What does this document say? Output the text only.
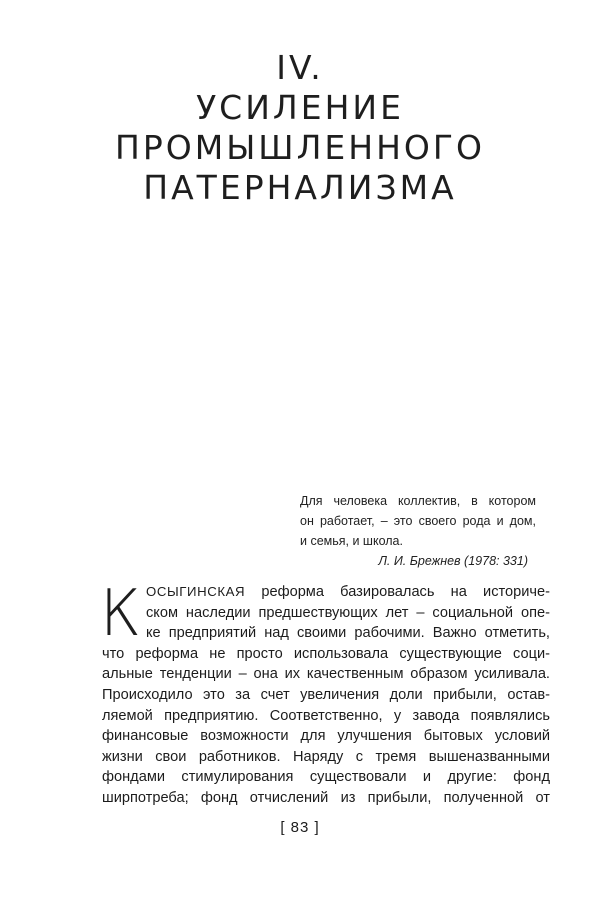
IV.
УСИЛЕНИЕ
ПРОМЫШЛЕННОГО
ПАТЕРНАЛИЗМА
Для человека коллектив, в котором
он работает, – это своего рода и дом,
и семья, и школа.
Л. И. Брежнев (1978: 331)
К ОСЫГИНСКАЯ реформа базировалась на историче-
ском наследии предшествующих лет – социальной опе-
ке предприятий над своими рабочими. Важно отметить,
что реформа не просто использовала существующие соци-
альные тенденции – она их качественным образом усиливала.
Происходило это за счет увеличения доли прибыли, остав-
ляемой предприятию. Соответственно, у завода появлялись
финансовые возможности для улучшения бытовых условий
жизни свои работников. Наряду с тремя вышеназванными
фондами стимулирования существовали и другие: фонд
ширпотреба; фонд отчислений из прибыли, полученной от
[ 83 ]
